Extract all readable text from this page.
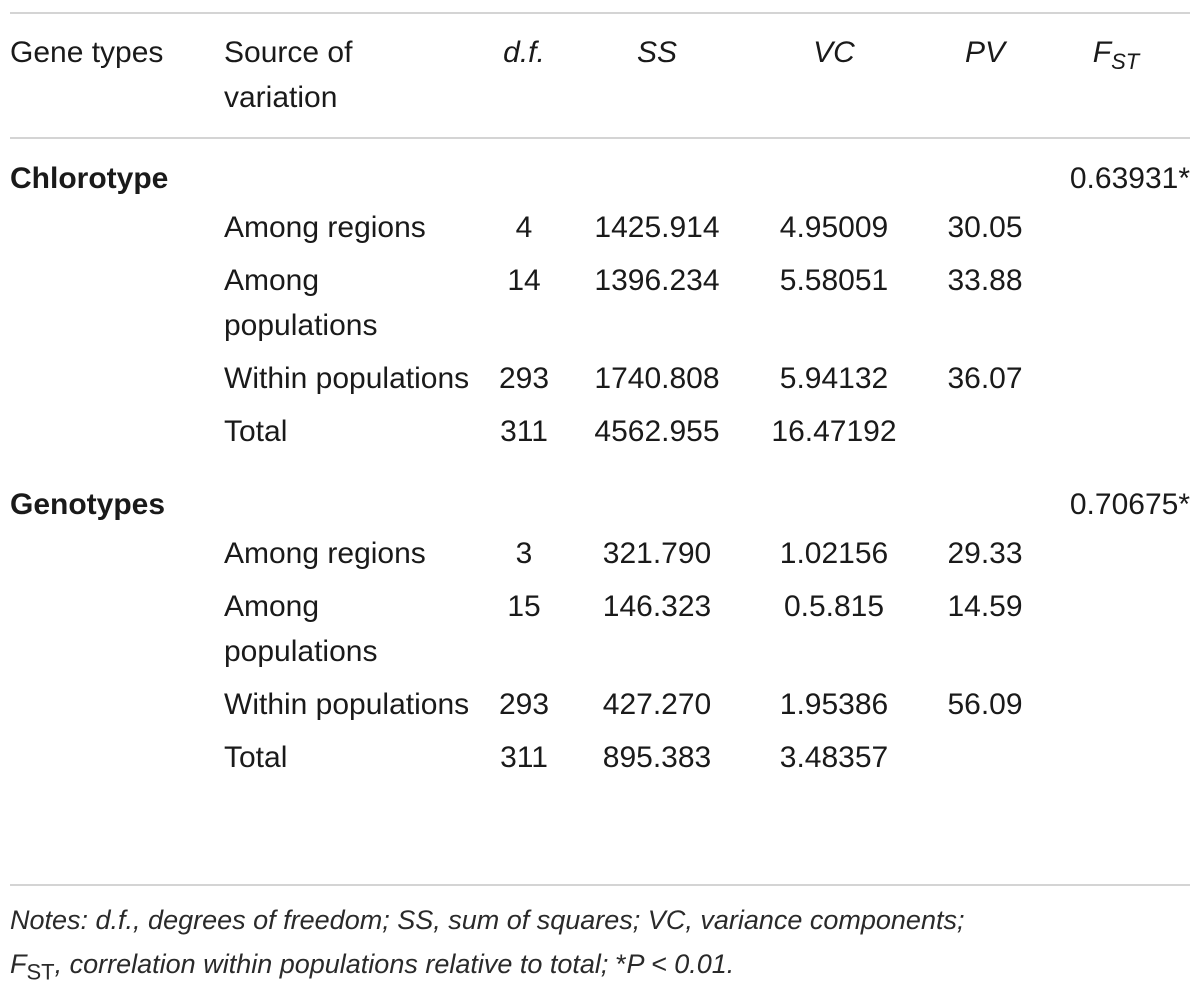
Gene types	Source of variation	d.f.	SS	VC	PV	$F_{ST}$
Chlorotype						0.63931*
	Among regions	4	1425.914	4.95009	30.05	
	Among populations	14	1396.234	5.58051	33.88	
	Within populations	293	1740.808	5.94132	36.07	
	Total	311	4562.955	16.47192		
Genotypes						0.70675*
	Among regions	3	321.790	1.02156	29.33	
	Among populations	15	146.323	0.5.815	14.59	
	Within populations	293	427.270	1.95386	56.09	
	Total	311	895.383	3.48357		
Notes: d.f., degrees of freedom; SS, sum of squares; VC, variance components;
$F_{ST}$, correlation within populations relative to total; *P < 0.01.
